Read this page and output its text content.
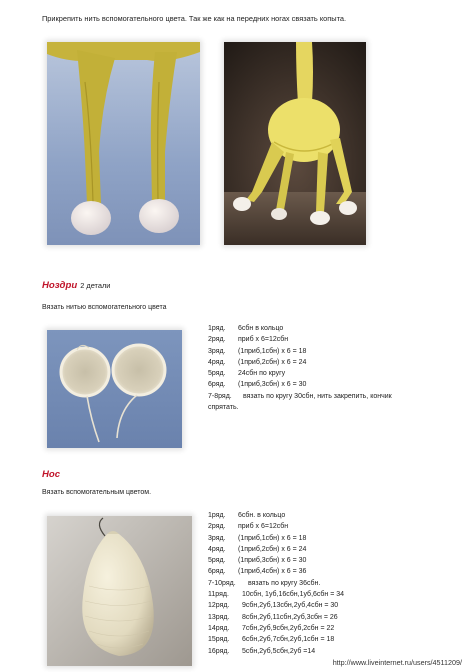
Прикрепить нить вспомогательного цвета. Так же как на передних ногах связать копыта.
Ноздри 2 детали
Вязать нитью вспомогательного цвета
1ряд.	6сбн в кольцо
2ряд.	приб х 6=12сбн
3ряд.	(1приб,1сбн) х 6 = 18
4ряд.	(1приб,2сбн) х 6 = 24
5ряд.	24сбн по кругу
6ряд.	(1приб,3сбн) х 6 = 30
7-8ряд.	вязать по кругу 30сбн, нить закрепить, кончик
спрятать.
Нос
Вязать вспомогательным цветом.
1ряд.	6сбн. в кольцо
2ряд.	приб х 6=12сбн
3ряд.	(1приб,1сбн) х 6 = 18
4ряд.	(1приб,2сбн) х 6 = 24
5ряд.	(1приб,3сбн) х 6 = 30
6ряд.	(1приб,4сбн) х 6 = 36
7-10ряд.	вязать по кругу 36сбн.
11ряд.	10сбн, 1уб,16сбн,1уб,6сбн = 34
12ряд.	9сбн,2уб,13сбн,2уб,4сбн = 30
13ряд.	8сбн,2уб,11сбн,2уб,3сбн = 26
14ряд.	7сбн,2уб,9сбн,2уб,2сбн = 22
15ряд.	6сбн,2уб,7сбн,2уб,1сбн = 18
16ряд.	5сбн,2уб,5сбн,2уб =14
http://www.liveinternet.ru/users/4511209/
